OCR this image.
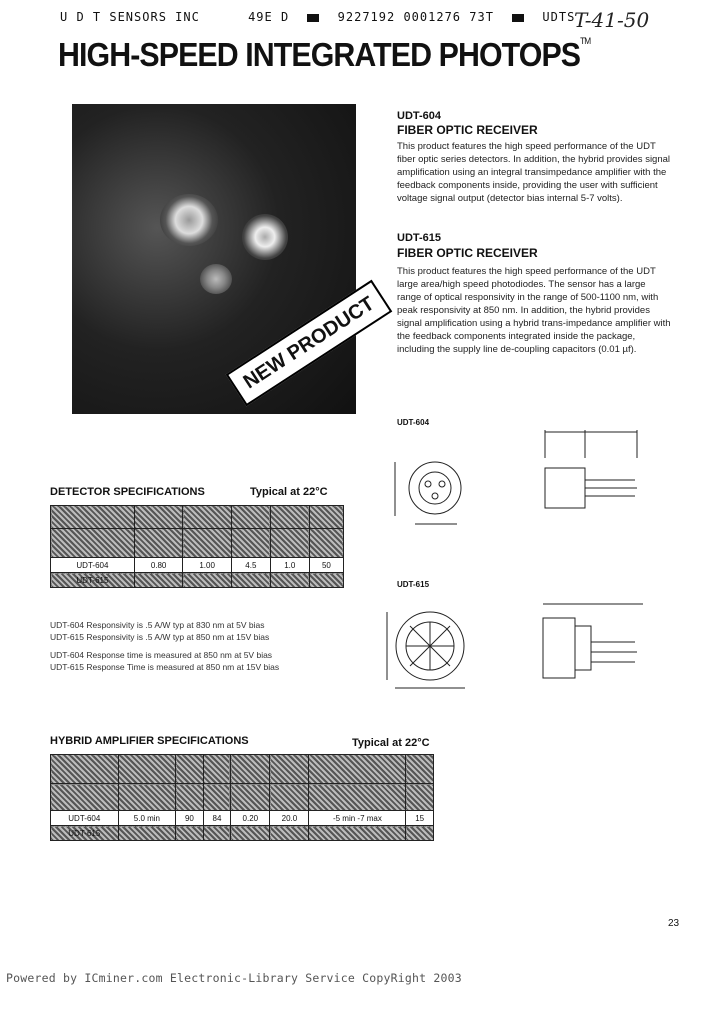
U D T SENSORS INC	49E D	9227192 0001276 73T	UDTS
T-41-50
HIGH-SPEED INTEGRATED PHOTOPS™
NEW PRODUCT
UDT-604
FIBER OPTIC RECEIVER
This product features the high speed performance of the UDT fiber optic series detectors. In addition, the hybrid provides signal amplification using an integral transimpedance amplifier with the feedback components inside, providing the user with sufficient voltage signal output (detector bias internal 5-7 volts).
UDT-615
FIBER OPTIC RECEIVER
This product features the high speed performance of the UDT large area/high speed photodiodes. The sensor has a large range of optical responsivity in the range of 500-1100 nm, with peak responsivity at 850 nm. In addition, the hybrid provides signal amplification using a hybrid trans-impedance amplifier with the feedback components integrated inside the package, including the supply line de-coupling capacitors (0.01 µf).
DETECTOR SPECIFICATIONS	Typical at 22°C

UDT-604	0.80	1.00	4.5	1.0	50
UDT-615					
UDT-604 Responsivity is .5 A/W typ at 830 nm at 5V bias
UDT-615 Responsivity is .5 A/W typ at 850 nm at 15V bias
UDT-604 Response time is measured at 850 nm at 5V bias
UDT-615 Response Time is measured at 850 nm at 15V bias
HYBRID AMPLIFIER SPECIFICATIONS	Typical at 22°C

UDT-604	5.0 min	90	84	0.20	20.0	-5 min -7 max	15
UDT-615							
UDT-604
UDT-615
23
Powered by ICminer.com Electronic-Library Service CopyRight 2003
